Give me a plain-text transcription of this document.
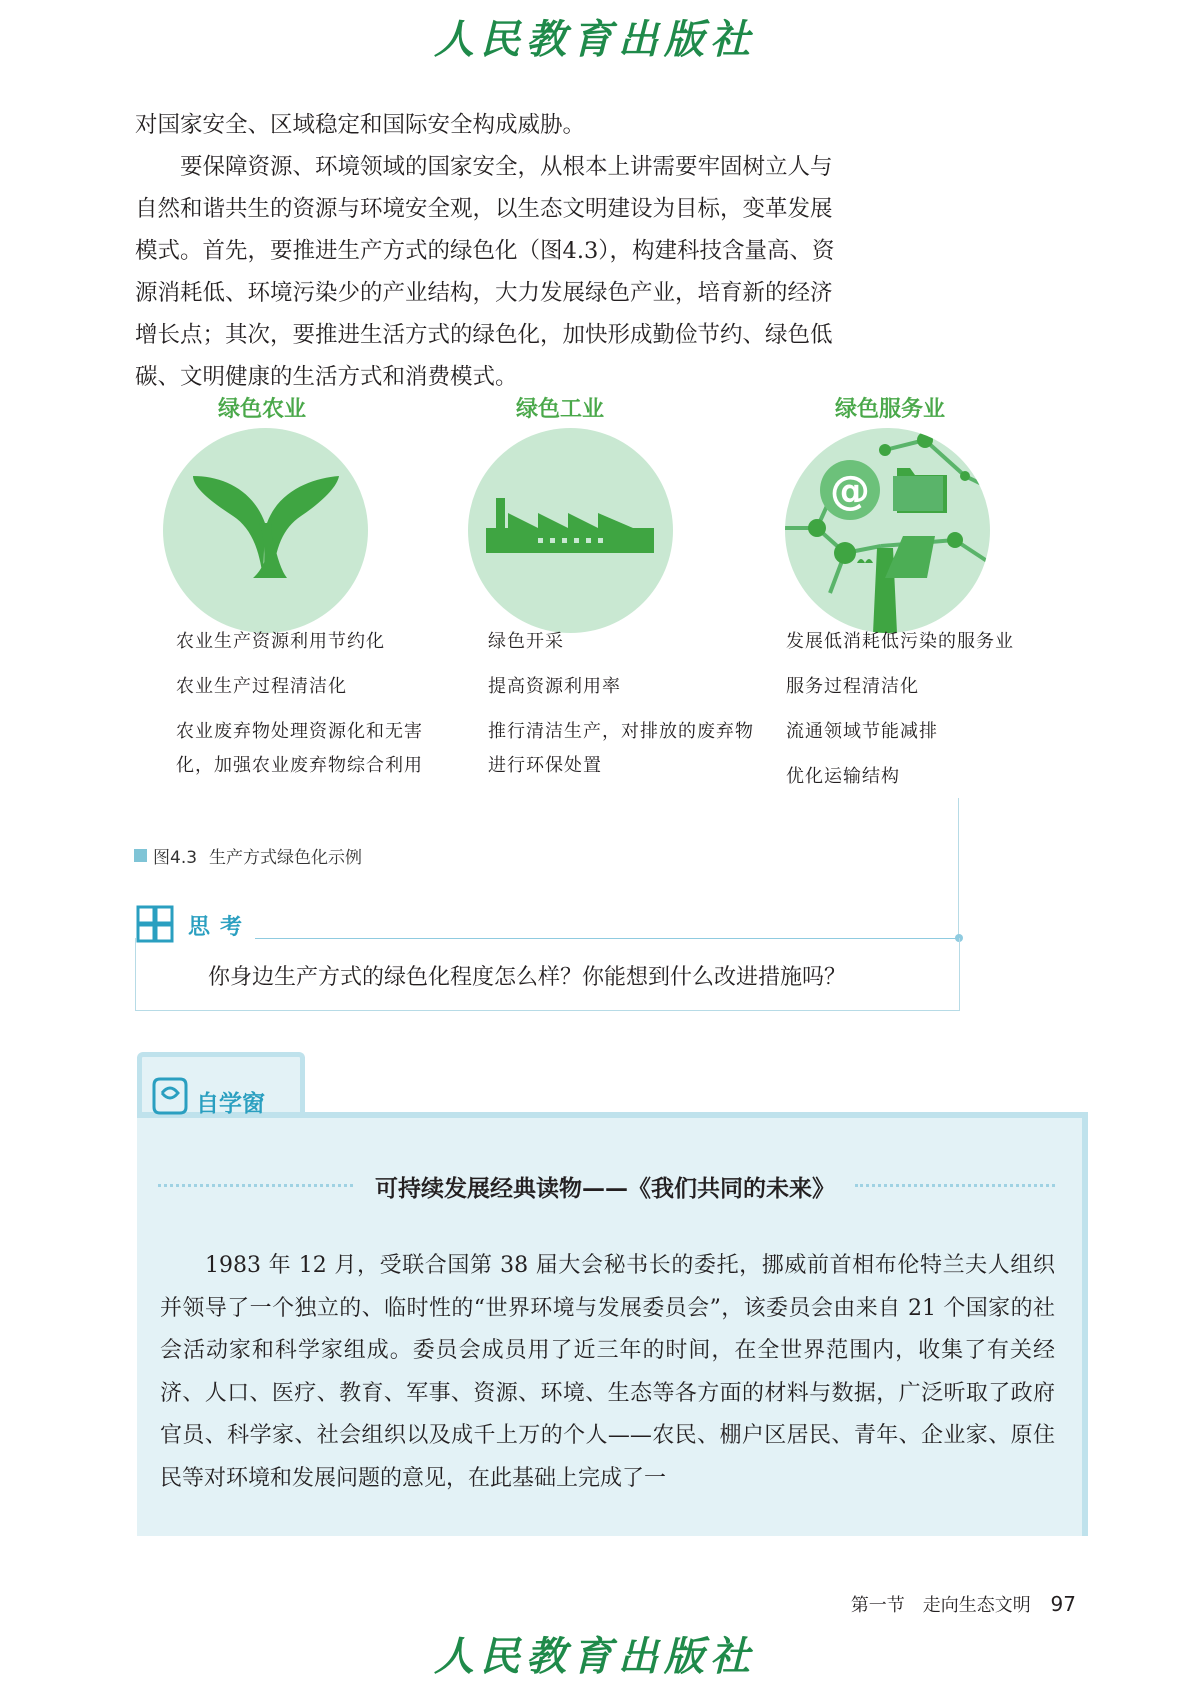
人民教育出版社

对国家安全、区域稳定和国际安全构成威胁。

要保障资源、环境领域的国家安全，从根本上讲需要牢固树立人与自然和谐共生的资源与环境安全观，以生态文明建设为目标，变革发展模式。首先，要推进生产方式的绿色化（图4.3），构建科技含量高、资源消耗低、环境污染少的产业结构，大力发展绿色产业，培育新的经济增长点；其次，要推进生活方式的绿色化，加快形成勤俭节约、绿色低碳、文明健康的生活方式和消费模式。

绿色农业
农业生产资源利用节约化
农业生产过程清洁化
农业废弃物处理资源化和无害化，加强农业废弃物综合利用
绿色工业
绿色开采
提高资源利用率
推行清洁生产，对排放的废弃物进行环保处置
绿色服务业
@
发展低消耗低污染的服务业
服务过程清洁化
流通领域节能减排
优化运输结构
图4.3 生产方式绿色化示例
思考
你身边生产方式的绿色化程度怎么样？你能想到什么改进措施吗？
自学窗
可持续发展经典读物——《我们共同的未来》

1983 年 12 月，受联合国第 38 届大会秘书长的委托，挪威前首相布伦特兰夫人组织并领导了一个独立的、临时性的“世界环境与发展委员会”，该委员会由来自 21 个国家的社会活动家和科学家组成。委员会成员用了近三年的时间，在全世界范围内，收集了有关经济、人口、医疗、教育、军事、资源、环境、生态等各方面的材料与数据，广泛听取了政府官员、科学家、社会组织以及成千上万的个人——农民、棚户区居民、青年、企业家、原住民等对环境和发展问题的意见，在此基础上完成了一

第一节　走向生态文明 97
人民教育出版社
